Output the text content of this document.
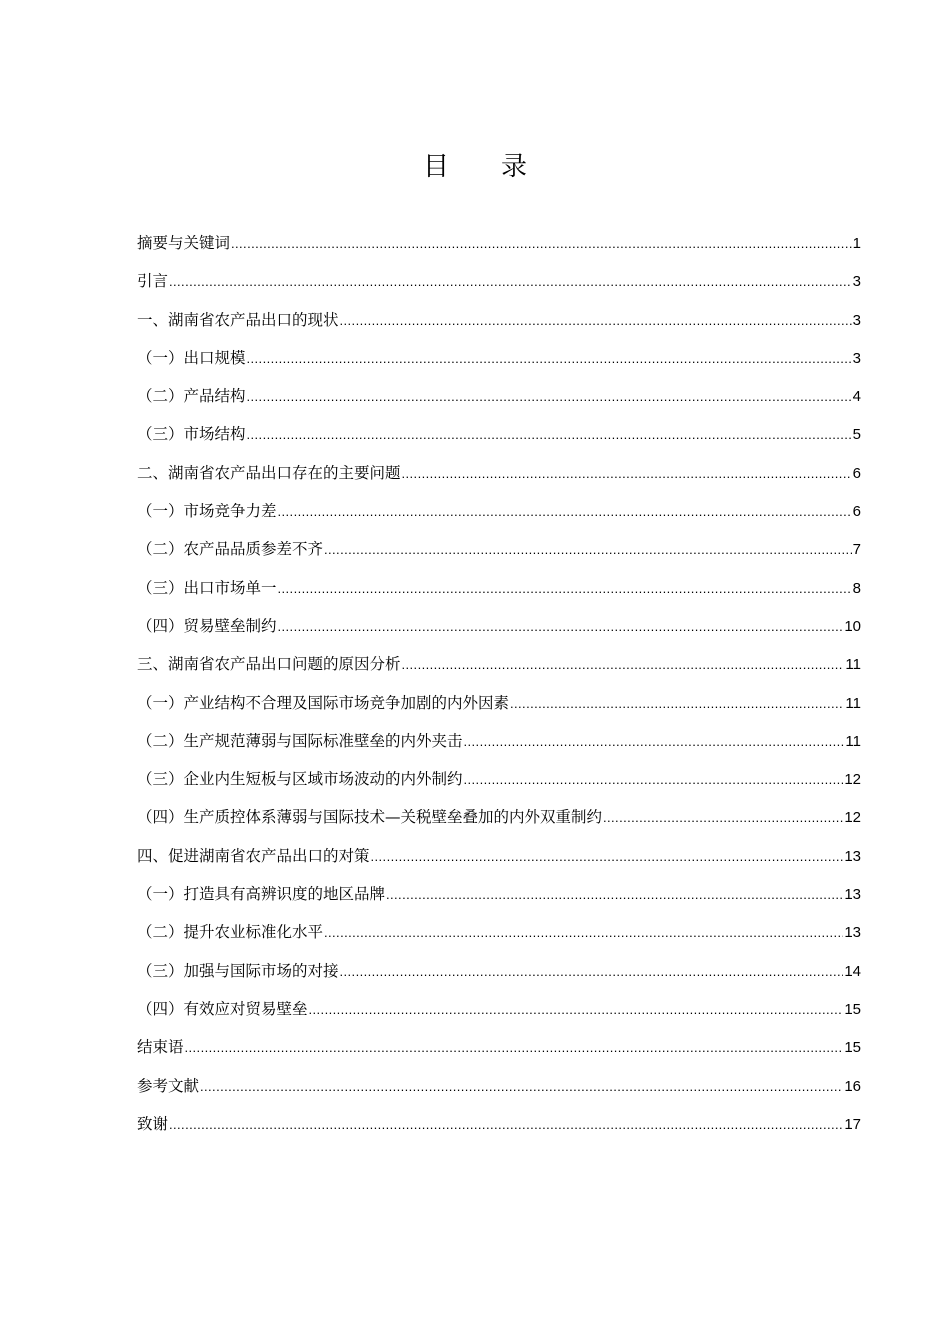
目 录
摘要与关键词 .....	1
引言 .....	3
一、湖南省农产品出口的现状 .....	3
（一）出口规模 .....	3
（二）产品结构 .....	4
（三）市场结构 .....	5
二、湖南省农产品出口存在的主要问题 .....	6
（一）市场竞争力差 .....	6
（二）农产品品质参差不齐 .....	7
（三）出口市场单一 .....	8
（四）贸易壁垒制约 .....	10
三、湖南省农产品出口问题的原因分析 .....	11
（一）产业结构不合理及国际市场竞争加剧的内外因素 .....	11
（二）生产规范薄弱与国际标准壁垒的内外夹击 .....	11
（三）企业内生短板与区域市场波动的内外制约 .....	12
（四）生产质控体系薄弱与国际技术—关税壁垒叠加的内外双重制约 .....	12
四、促进湖南省农产品出口的对策 .....	13
（一）打造具有高辨识度的地区品牌 .....	13
（二）提升农业标准化水平 .....	13
（三）加强与国际市场的对接 .....	14
（四）有效应对贸易壁垒 .....	15
结束语 .....	15
参考文献 .....	16
致谢 .....	17
